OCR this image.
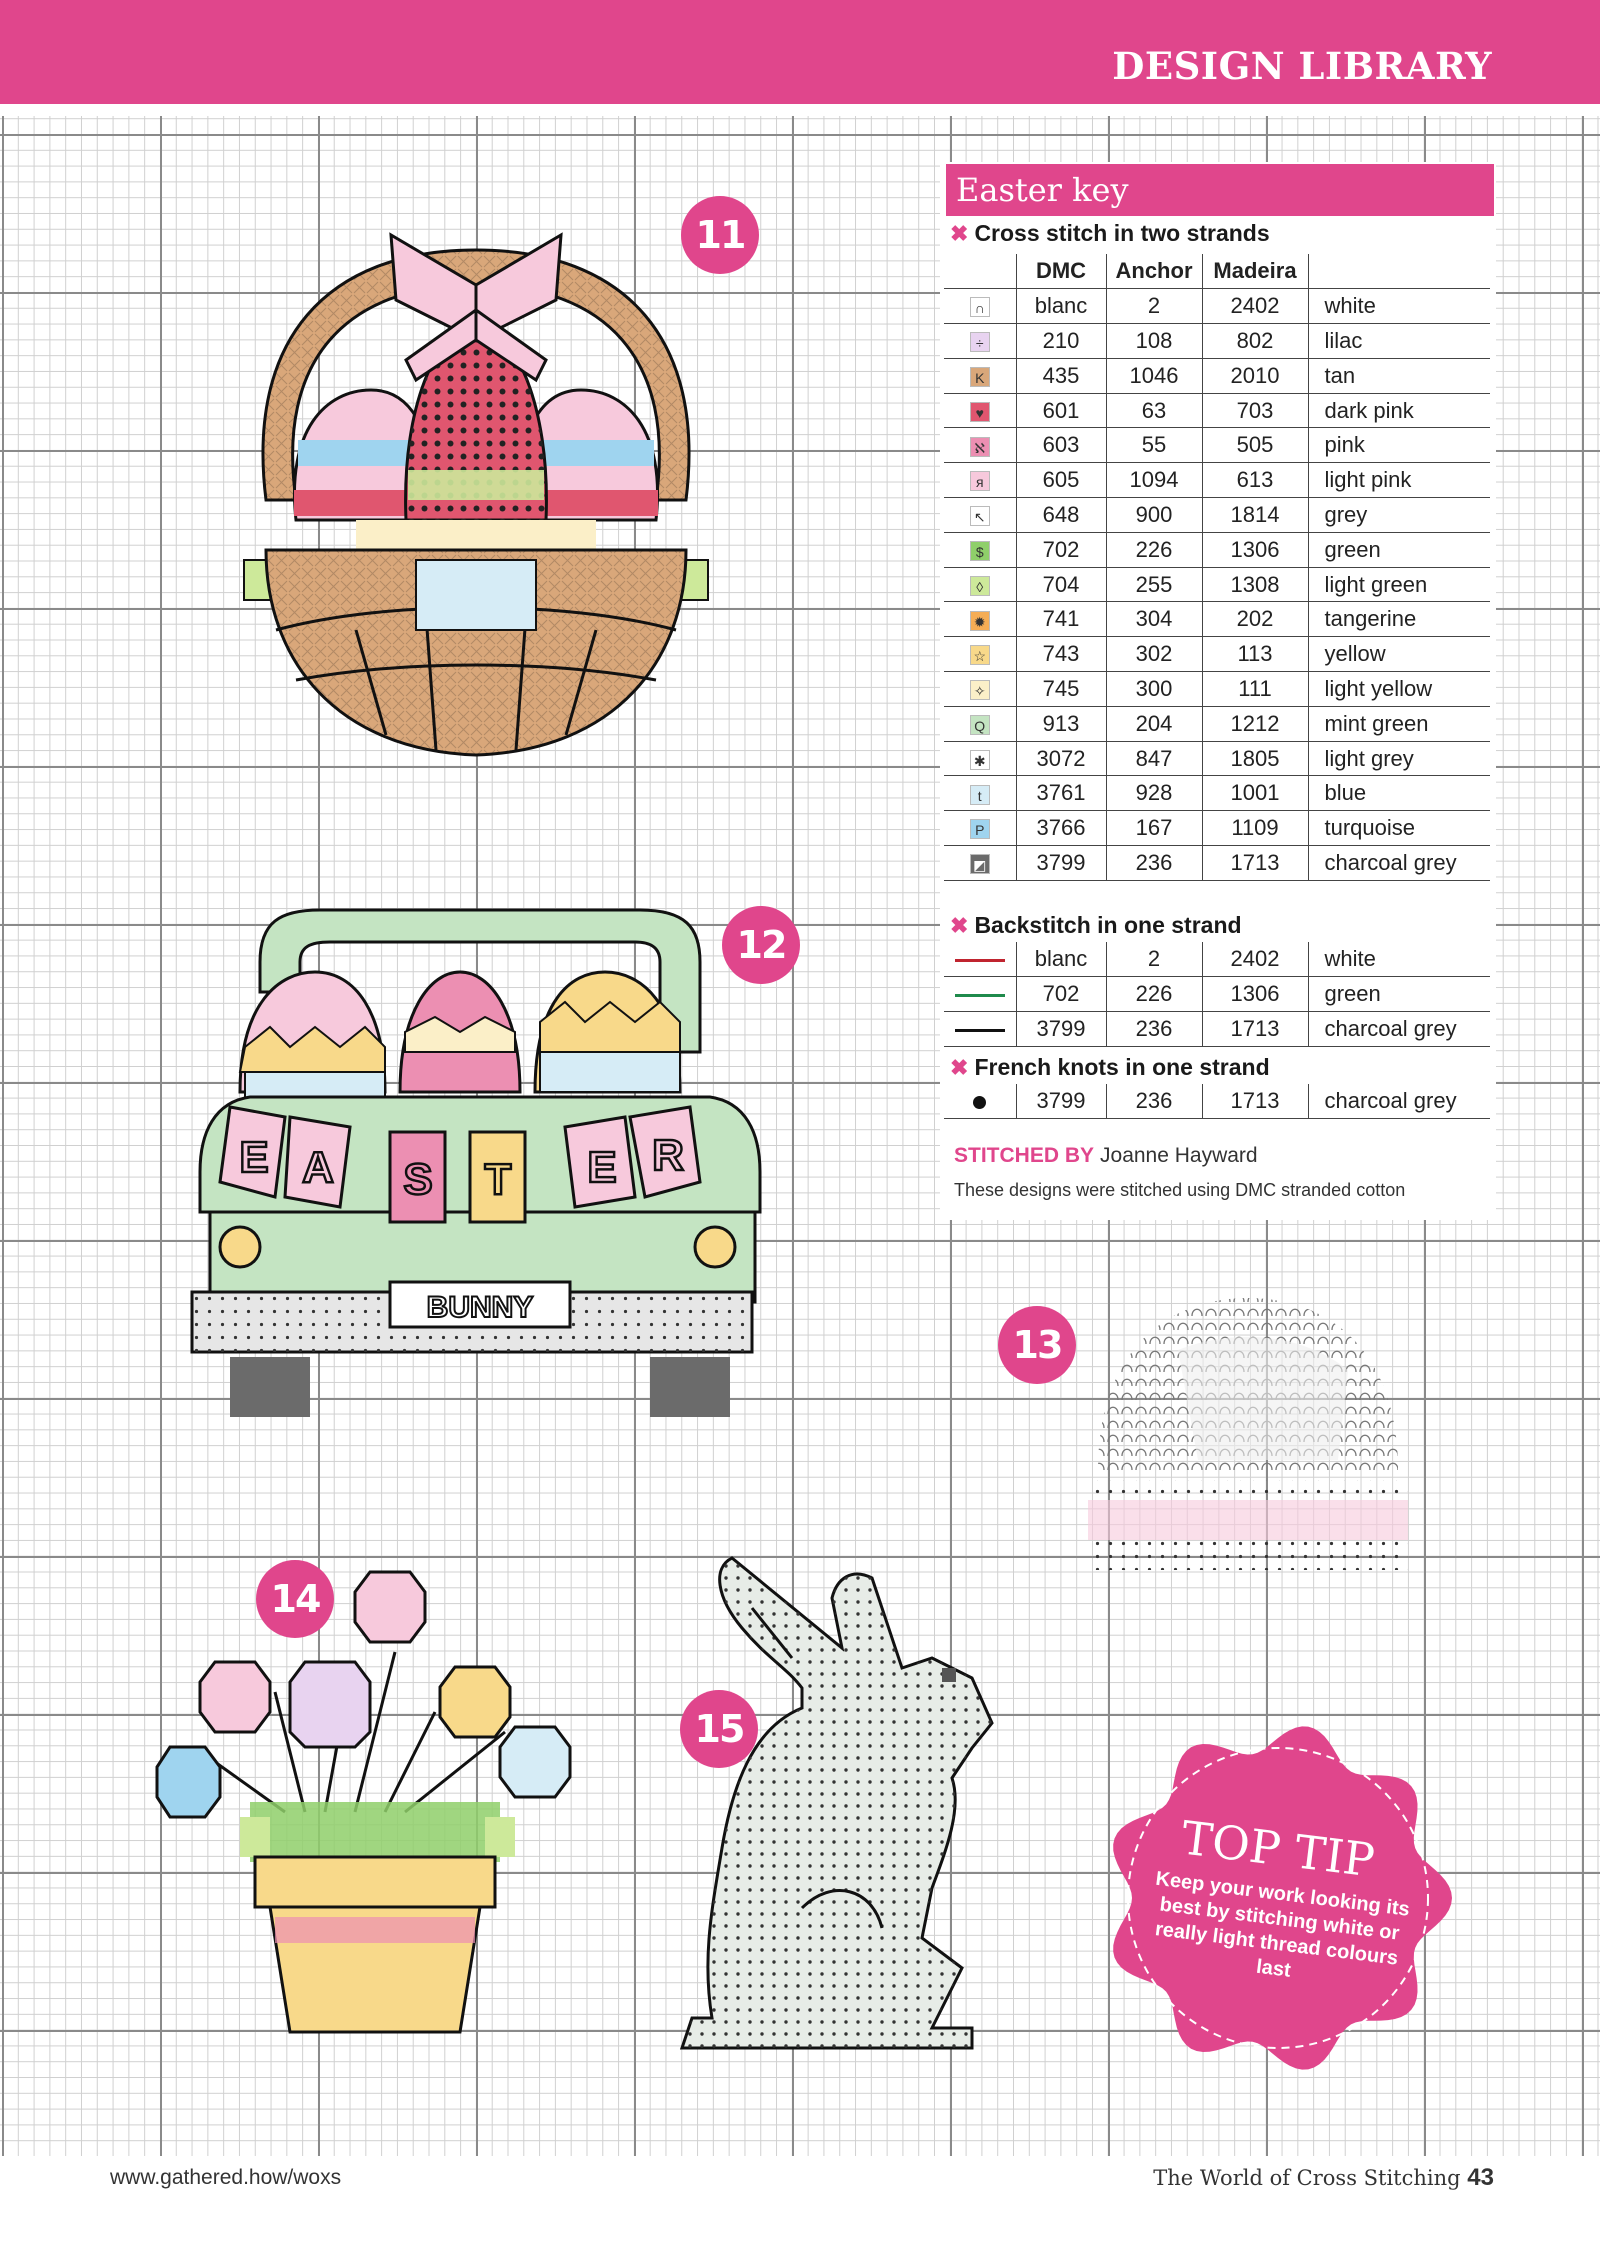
DESIGN LIBRARY
11
12
E A S T E R
BUNNY
13
14
15
Easter key
✖ Cross stitch in two strands
	DMC	Anchor	Madeira	
∩	blanc	2	2402	white
÷	210	108	802	lilac
K	435	1046	2010	tan
♥	601	63	703	dark pink
ℵ	603	55	505	pink
я	605	1094	613	light pink
↖	648	900	1814	grey
$	702	226	1306	green
◊	704	255	1308	light green
✹	741	304	202	tangerine
☆	743	302	113	yellow
✧	745	300	111	light yellow
Q	913	204	1212	mint green
✱	3072	847	1805	light grey
t	3761	928	1001	blue
P	3766	167	1109	turquoise
◩	3799	236	1713	charcoal grey
✖ Backstitch in one strand
	blanc	2	2402	white
	702	226	1306	green
	3799	236	1713	charcoal grey
✖ French knots in one strand
	3799	236	1713	charcoal grey
STITCHED BY Joanne Hayward
These designs were stitched using DMC stranded cotton
TOP TIP
Keep your work looking its best by stitching white or really light thread colours last
www.gathered.how/woxs	The World of Cross Stitching 43
